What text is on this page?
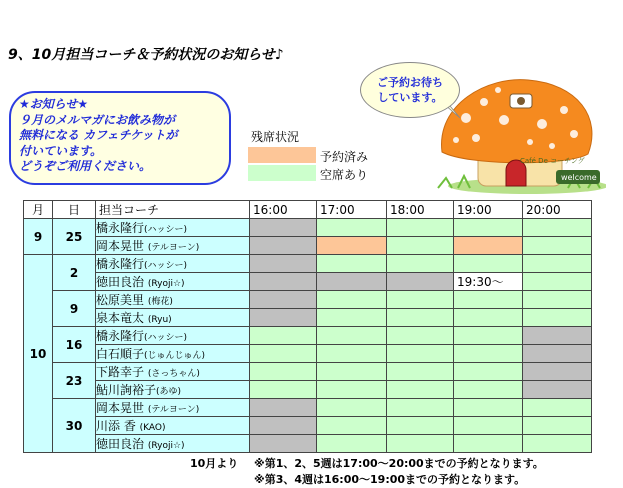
9、10月担当コーチ＆予約状況のお知らせ♪
★お知らせ★
９月のメルマガにお飲み物が
無料になる カフェチケットが
付いています。
どうぞご利用ください。
残席状況
予約済み
空席あり
Café De コーチング
welcome
ご予約お待ち
しています。
月	日	担当コーチ	16:00	17:00	18:00	19:00	20:00
9	25	橋永隆行(ハッシー)					
		岡本晃世 (テルヨーン)					
10	2	橋永隆行(ハッシー)					
		徳田良治 (Ryoji☆)				19:30～	
	9	松原美里 (梅花)					
		泉本竜太 (Ryu)					
	16	橋永隆行(ハッシー)					
		白石順子(じゅんじゅん)					
	23	下路幸子 (さっちゃん)					
		鮎川詢裕子(あゆ)					
	30	岡本晃世 (テルヨーン)					
		川添 香 (KAO)					
		徳田良治 (Ryoji☆)					
10月より ※第1、2、5週は17:00～20:00までの予約となります。
※第3、4週は16:00～19:00までの予約となります。
